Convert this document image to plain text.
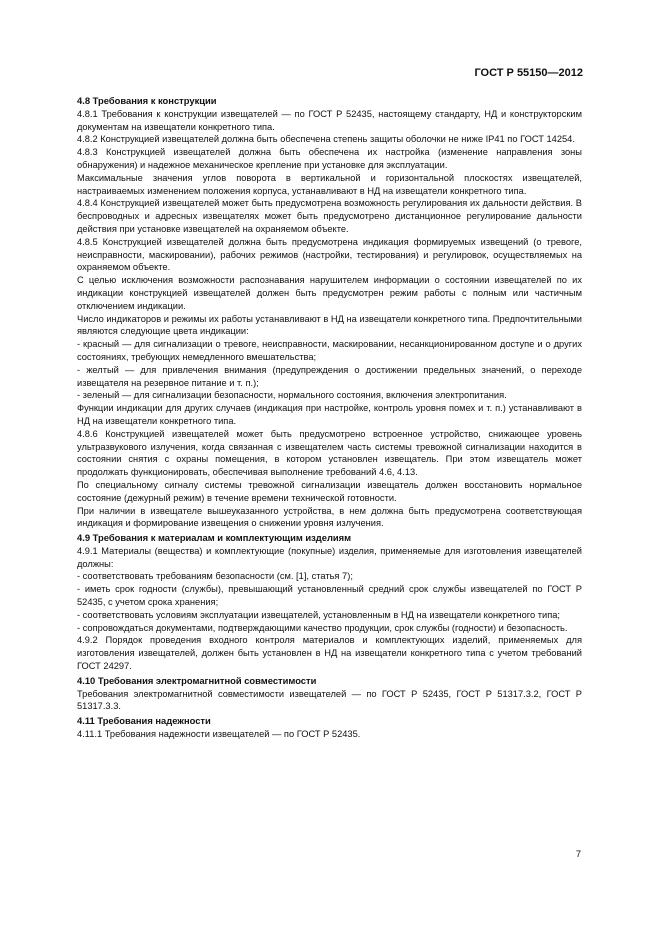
ГОСТ Р 55150—2012
4.8 Требования к конструкции

4.8.1 Требования к конструкции извещателей — по ГОСТ Р 52435, настоящему стандарту, НД и конструкторским документам на извещатели конкретного типа.

4.8.2 Конструкцией извещателей должна быть обеспечена степень защиты оболочки не ниже IP41 по ГОСТ 14254.

4.8.3 Конструкцией извещателей должна быть обеспечена их настройка (изменение направления зоны обнаружения) и надежное механическое крепление при установке для эксплуатации.

Максимальные значения углов поворота в вертикальной и горизонтальной плоскостях извещателей, настраиваемых изменением положения корпуса, устанавливают в НД на извещатели конкретного типа.

4.8.4 Конструкцией извещателей может быть предусмотрена возможность регулирования их дальности действия. В беспроводных и адресных извещателях может быть предусмотрено дистанционное регулирование дальности действия при установке извещателей на охраняемом объекте.

4.8.5 Конструкцией извещателей должна быть предусмотрена индикация формируемых извещений (о тревоге, неисправности, маскировании), рабочих режимов (настройки, тестирования) и регулировок, осуществляемых на охраняемом объекте.

С целью исключения возможности распознавания нарушителем информации о состоянии извещателей по их индикации конструкцией извещателей должен быть предусмотрен режим работы с полным или частичным отключением индикации.

Число индикаторов и режимы их работы устанавливают в НД на извещатели конкретного типа. Предпочтительными являются следующие цвета индикации:

- красный — для сигнализации о тревоге, неисправности, маскировании, несанкционированном доступе и о других состояниях, требующих немедленного вмешательства;

- желтый — для привлечения внимания (предупреждения о достижении предельных значений, о переходе извещателя на резервное питание и т. п.);

- зеленый — для сигнализации безопасности, нормального состояния, включения электропитания.

Функции индикации для других случаев (индикация при настройке, контроль уровня помех и т. п.) устанавливают в НД на извещатели конкретного типа.

4.8.6 Конструкцией извещателей может быть предусмотрено встроенное устройство, снижающее уровень ультразвукового излучения, когда связанная с извещателем часть системы тревожной сигнализации находится в состоянии снятия с охраны помещения, в котором установлен извещатель. При этом извещатель может продолжать функционировать, обеспечивая выполнение требований 4.6, 4.13.

По специальному сигналу системы тревожной сигнализации извещатель должен восстановить нормальное состояние (дежурный режим) в течение времени технической готовности.

При наличии в извещателе вышеуказанного устройства, в нем должна быть предусмотрена соответствующая индикация и формирование извещения о снижении уровня излучения.

4.9 Требования к материалам и комплектующим изделиям

4.9.1 Материалы (вещества) и комплектующие (покупные) изделия, применяемые для изготовления извещателей должны:

- соответствовать требованиям безопасности (см. [1], статья 7);

- иметь срок годности (службы), превышающий установленный средний срок службы извещателей по ГОСТ Р 52435, с учетом срока хранения;

- соответствовать условиям эксплуатации извещателей, установленным в НД на извещатели конкретного типа;

- сопровождаться документами, подтверждающими качество продукции, срок службы (годности) и безопасность.

4.9.2 Порядок проведения входного контроля материалов и комплектующих изделий, применяемых для изготовления извещателей, должен быть установлен в НД на извещатели конкретного типа с учетом требований ГОСТ 24297.

4.10 Требования электромагнитной совместимости

Требования электромагнитной совместимости извещателей — по ГОСТ Р 52435, ГОСТ Р 51317.3.2, ГОСТ Р 51317.3.3.

4.11 Требования надежности

4.11.1 Требования надежности извещателей — по ГОСТ Р 52435.

7
